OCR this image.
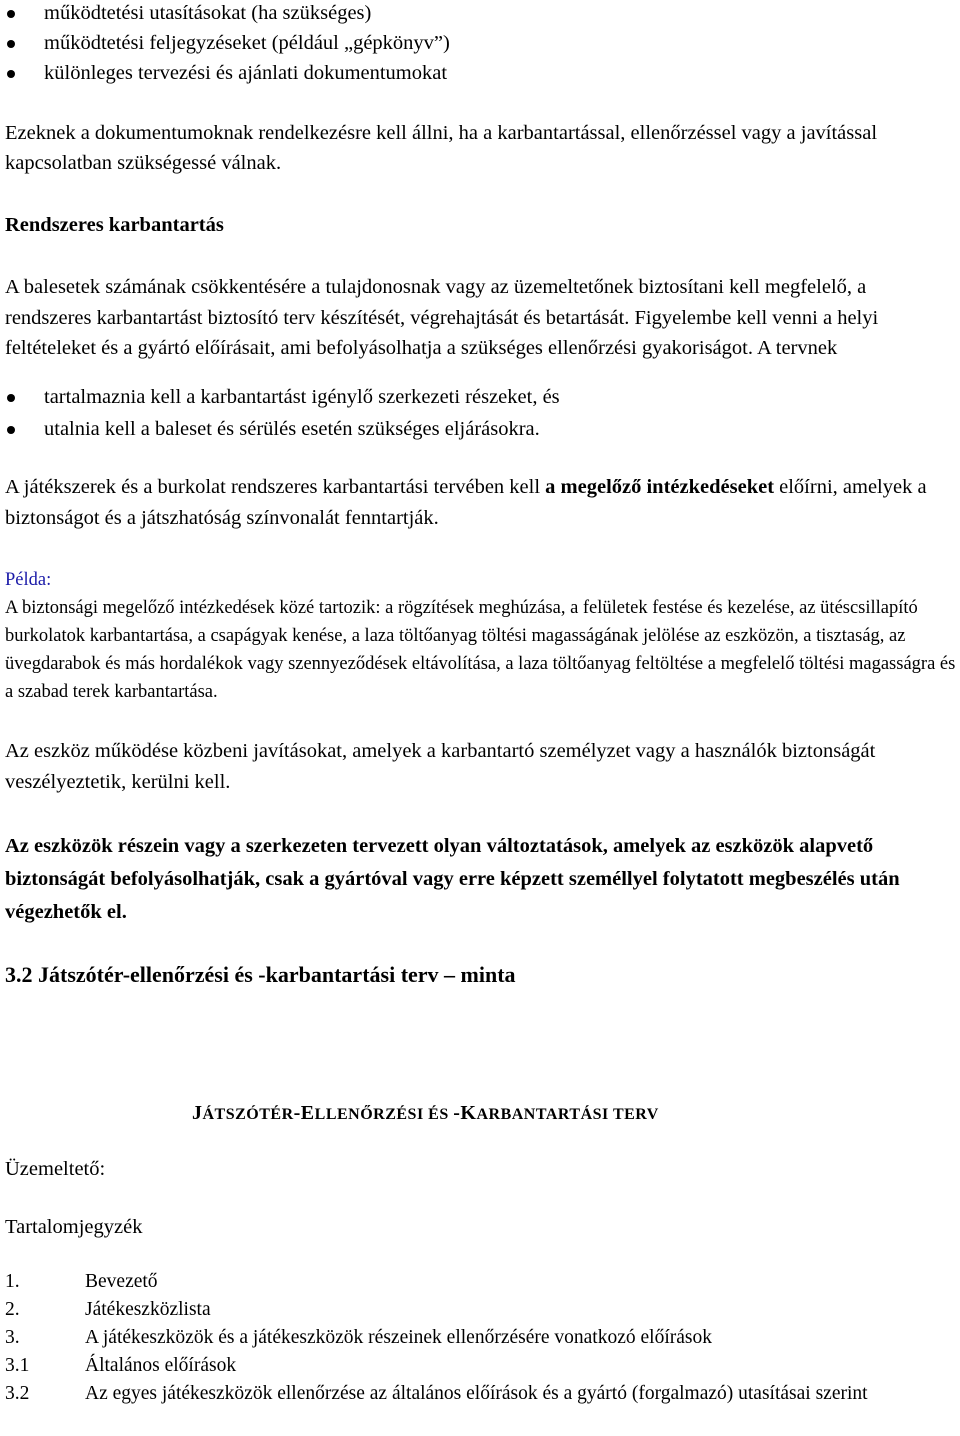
működtetési utasításokat (ha szükséges)
működtetési feljegyzéseket (például „gépkönyv”)
különleges tervezési és ajánlati dokumentumokat

Ezeknek a dokumentumoknak rendelkezésre kell állni, ha a karbantartással, ellenőrzéssel vagy a javítással kapcsolatban szükségessé válnak.

Rendszeres karbantartás

A balesetek számának csökkentésére a tulajdonosnak vagy az üzemeltetőnek biztosítani kell megfelelő, a rendszeres karbantartást biztosító terv készítését, végrehajtását és betartását. Figyelembe kell venni a helyi feltételeket és a gyártó előírásait, ami befolyásolhatja a szükséges ellenőrzési gyakoriságot. A tervnek

tartalmaznia kell a karbantartást igénylő szerkezeti részeket, és
utalnia kell a baleset és sérülés esetén szükséges eljárásokra.

A játékszerek és a burkolat rendszeres karbantartási tervében kell a megelőző intézkedéseket előírni, amelyek a biztonságot és a játszhatóság színvonalát fenntartják.

Példa:

A biztonsági megelőző intézkedések közé tartozik: a rögzítések meghúzása, a felületek festése és kezelése, az ütéscsillapító burkolatok karbantartása, a csapágyak kenése, a laza töltőanyag töltési magasságának jelölése az eszközön, a tisztaság, az üvegdarabok és más hordalékok vagy szennyeződések eltávolítása, a laza töltőanyag feltöltése a megfelelő töltési magasságra és a szabad terek karbantartása.

Az eszköz működése közbeni javításokat, amelyek a karbantartó személyzet vagy a használók biztonságát veszélyeztetik, kerülni kell.

Az eszközök részein vagy a szerkezeten tervezett olyan változtatások, amelyek az eszközök alapvető biztonságát befolyásolhatják, csak a gyártóval vagy erre képzett személlyel folytatott megbeszélés után végezhetők el.

3.2 Játszótér-ellenőrzési és -karbantartási terv – minta

Üzemeltető:

Tartalomjegyzék

1.	Bevezető
2.	Játékeszközlista
3.	A játékeszközök és a játékeszközök részeinek ellenőrzésére vonatkozó előírások
3.1	Általános előírások
3.2	Az egyes játékeszközök ellenőrzése az általános előírások és a gyártó (forgalmazó) utasításai szerint
JÁTSZÓTÉR-ELLENŐRZÉSI ÉS -KARBANTARTÁSI TERV
